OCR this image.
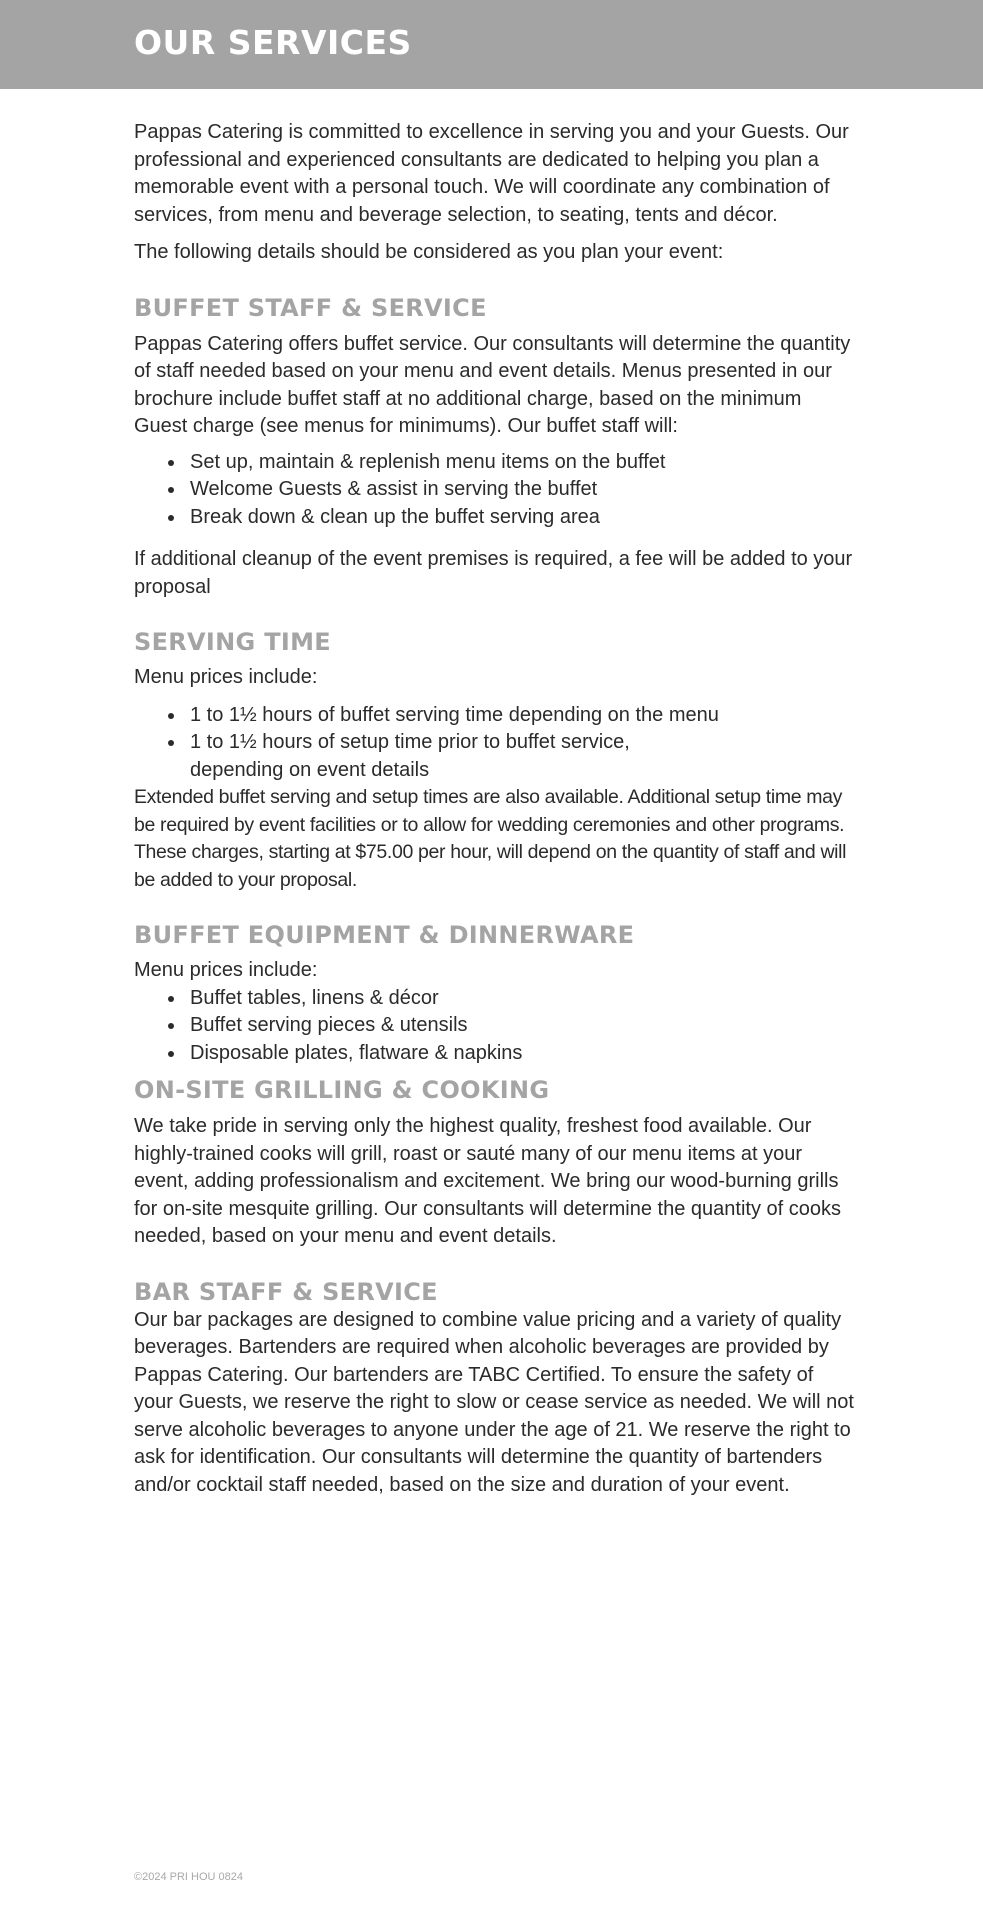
OUR SERVICES

Pappas Catering is committed to excellence in serving you and your Guests. Our professional and experienced consultants are dedicated to helping you plan a memorable event with a personal touch. We will coordinate any combination of services, from menu and beverage selection, to seating, tents and décor.

The following details should be considered as you plan your event:

BUFFET STAFF & SERVICE

Pappas Catering offers buffet service. Our consultants will determine the quantity of staff needed based on your menu and event details. Menus presented in our brochure include buffet staff at no additional charge, based on the minimum Guest charge (see menus for minimums). Our buffet staff will:

Set up, maintain & replenish menu items on the buffet
Welcome Guests & assist in serving the buffet
Break down & clean up the buffet serving area

If additional cleanup of the event premises is required, a fee will be added to your proposal

SERVING TIME

Menu prices include:

1 to 1½ hours of buffet serving time depending on the menu
1 to 1½ hours of setup time prior to buffet service, depending on event details

Extended buffet serving and setup times are also available. Additional setup time may be required by event facilities or to allow for wedding ceremonies and other programs. These charges, starting at $75.00 per hour, will depend on the quantity of staff and will be added to your proposal.

BUFFET EQUIPMENT & DINNERWARE

Menu prices include:

Buffet tables, linens & décor
Buffet serving pieces & utensils
Disposable plates, flatware & napkins
ON-SITE GRILLING & COOKING

We take pride in serving only the highest quality, freshest food available. Our highly-trained cooks will grill, roast or sauté many of our menu items at your event, adding professionalism and excitement. We bring our wood-burning grills for on-site mesquite grilling. Our consultants will determine the quantity of cooks needed, based on your menu and event details.

BAR STAFF & SERVICE

Our bar packages are designed to combine value pricing and a variety of quality beverages. Bartenders are required when alcoholic beverages are provided by Pappas Catering. Our bartenders are TABC Certified. To ensure the safety of your Guests, we reserve the right to slow or cease service as needed. We will not serve alcoholic beverages to anyone under the age of 21. We reserve the right to ask for identification. Our consultants will determine the quantity of bartenders and/or cocktail staff needed, based on the size and duration of your event.

©2024 PRI HOU 0824
